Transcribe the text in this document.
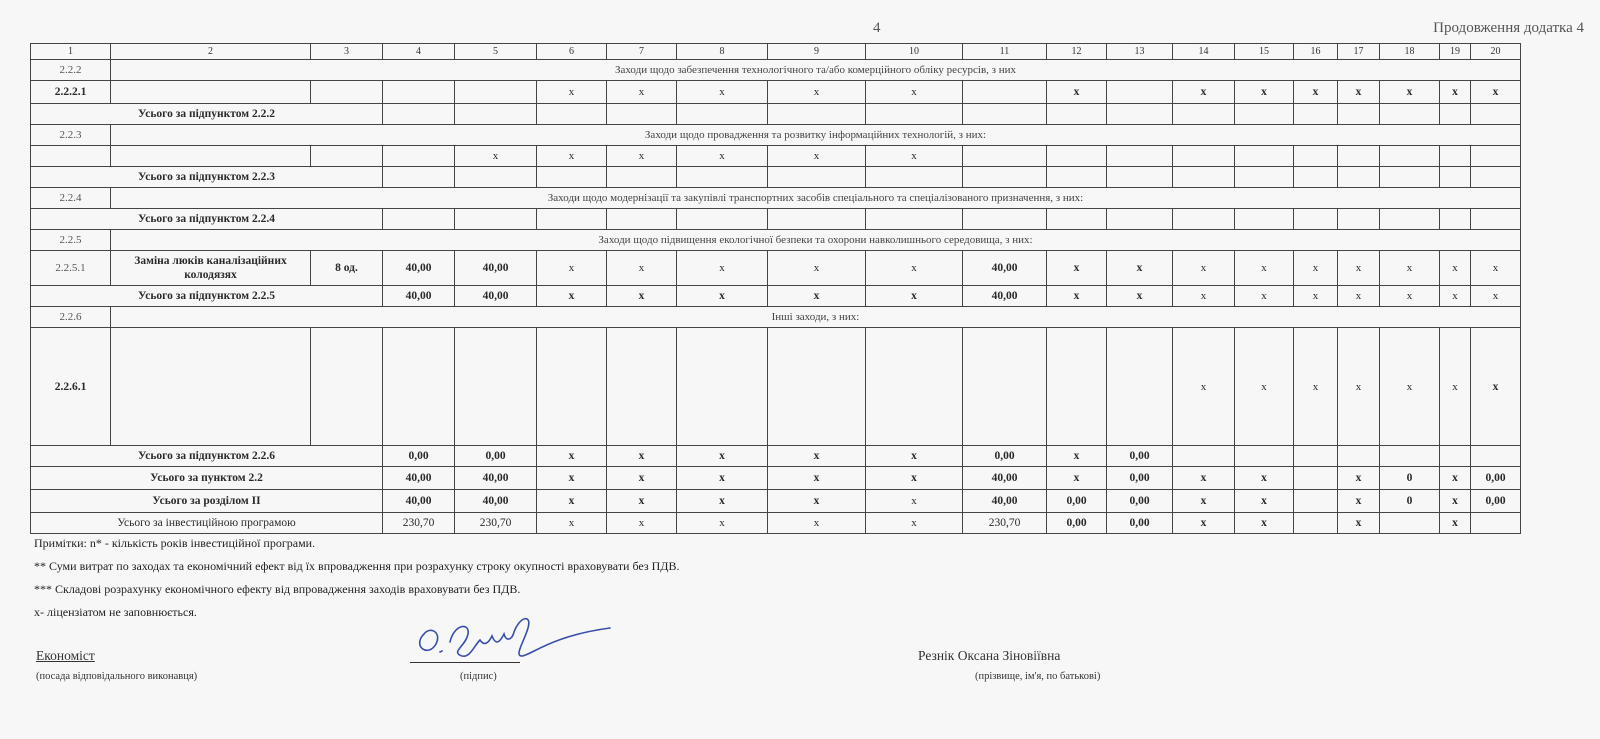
4	Продовження додатка 4
1	2	3	4	5	6	7	8	9	10	11	12	13	14	15	16	17	18	19	20
2.2.2	Заходи щодо забезпечення технологічного та/або комерційного обліку ресурсів, з них																		
2.2.2.1					x	x	x	x	x		x		x	x	x	x	x	x	x
Усього за підпунктом 2.2.2																			
2.2.3	Заходи щодо провадження та розвитку інформаційних технологій, з них:																		
				x	x	x	x	x	x										
Усього за підпунктом 2.2.3																			
2.2.4	Заходи щодо модернізації та закупівлі транспортних засобів спеціального та спеціалізованого призначення, з них:																		
Усього за підпунктом 2.2.4																			
2.2.5	Заходи щодо підвищення екологічної безпеки та охорони навколишнього середовища, з них:																		
2.2.5.1	Заміна люків каналізаційних колодязях	8 од.	40,00	40,00	x	x	x	x	x	40,00	x	x	x	x	x	x	x	x	x
Усього за підпунктом 2.2.5			40,00	40,00	x	x	x	x	x	40,00	x	x	x	x	x	x	x	x	x
2.2.6	Інші заходи, з них:																		
2.2.6.1													x	x	x	x	x	x	x
Усього за підпунктом 2.2.6			0,00	0,00	x	x	x	x	x	0,00	x	0,00							
Усього за пунктом 2.2			40,00	40,00	x	x	x	x	x	40,00	x	0,00	x	x		x	0	x	0,00
Усього за розділом II			40,00	40,00	x	x	x	x	x	40,00	0,00	0,00	x	x		x	0	x	0,00
Усього за інвестиційною програмою			230,70	230,70	x	x	x	x	x	230,70	0,00	0,00	x	x		x		x	
Примітки: n* - кількість років інвестиційної програми.
** Суми витрат по заходах та економічний ефект від їх впровадження при розрахунку строку окупності враховувати без ПДВ.
*** Складові розрахунку економічного ефекту від впровадження заходів враховувати без ПДВ.
х- ліцензіатом не заповнюється.
Економіст
(посада відповідального виконавця)	(підпис)
Резнік Оксана Зіновіївна
(прізвище, ім'я, по батькові)
